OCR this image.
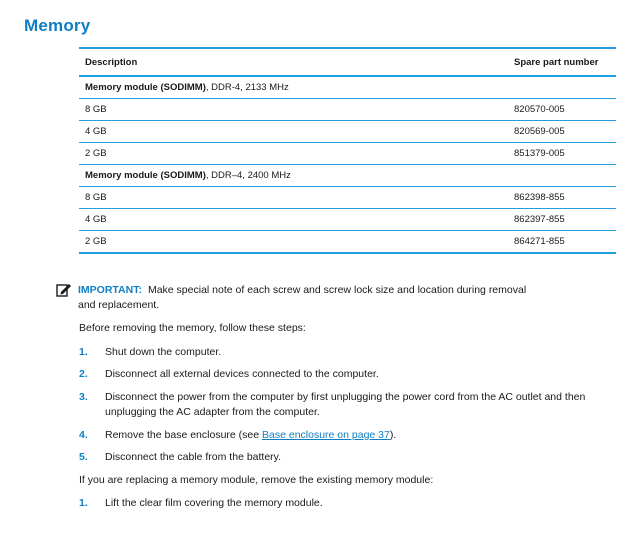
Memory
Description	Spare part number
Memory module (SODIMM), DDR-4, 2133 MHz	
8 GB	820570-005
4 GB	820569-005
2 GB	851379-005
Memory module (SODIMM), DDR–4, 2400 MHz	
8 GB	862398-855
4 GB	862397-855
2 GB	864271-855
IMPORTANT: Make special note of each screw and screw lock size and location during removal
and replacement.
Before removing the memory, follow these steps:
1. Shut down the computer.
2. Disconnect all external devices connected to the computer.
3. Disconnect the power from the computer by first unplugging the power cord from the AC outlet and then
unplugging the AC adapter from the computer.
4. Remove the base enclosure (see Base enclosure on page 37).
5. Disconnect the cable from the battery.
If you are replacing a memory module, remove the existing memory module:
1. Lift the clear film covering the memory module.
